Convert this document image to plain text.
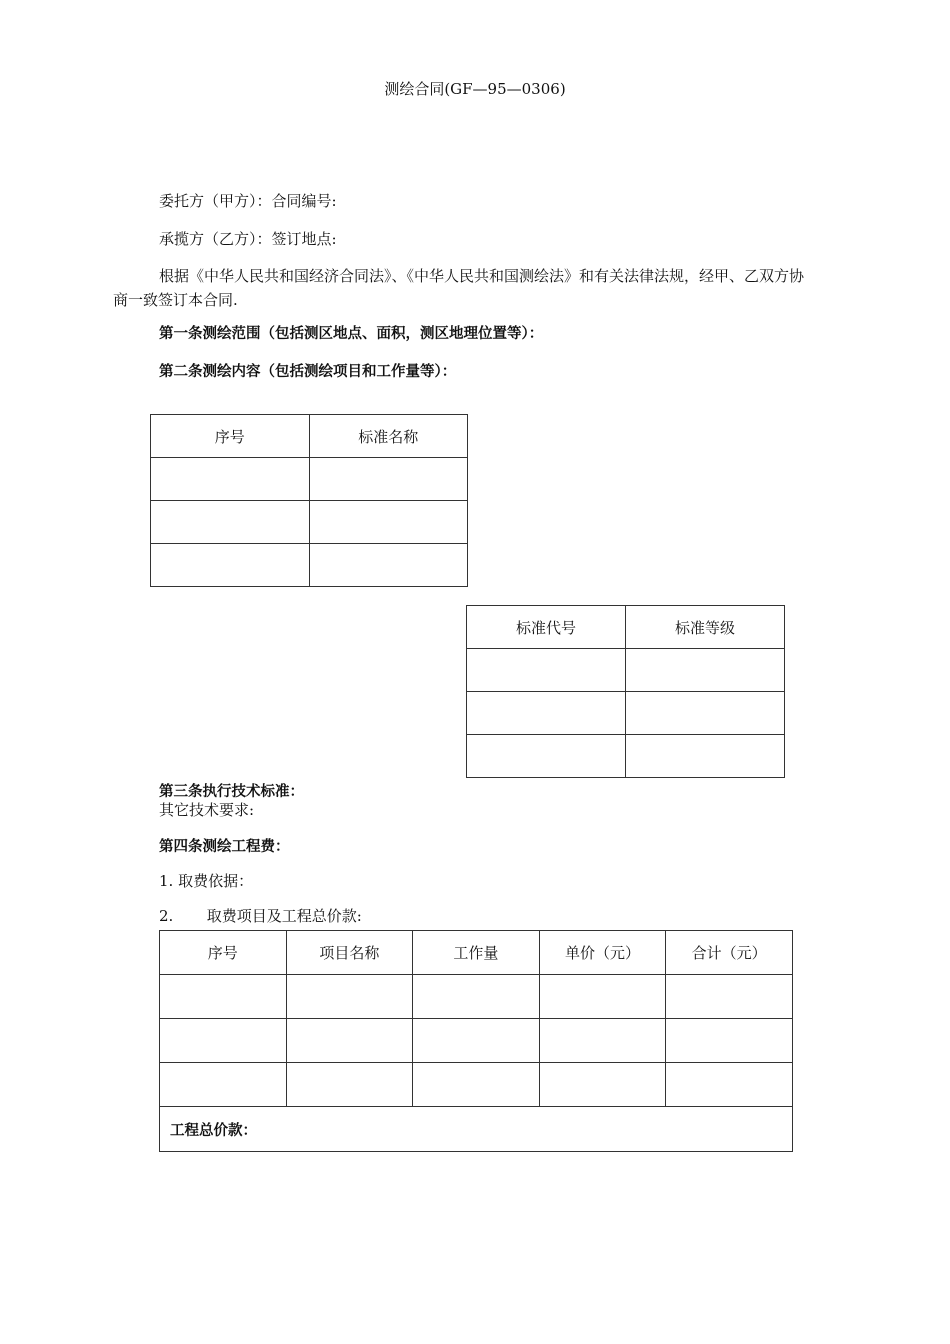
测绘合同(GF—95—0306)
委托方（甲方）：合同编号:
承揽方（乙方）：签订地点:
根据《中华人民共和国经济合同法》、《中华人民共和国测绘法》和有关法律法规，经甲、乙双方协商一致签订本合同.
第一条测绘范围（包括测区地点、面积，测区地理位置等）：
第二条测绘内容（包括测绘项目和工作量等）：
序号	标准名称

标准代号	标准等级

第三条执行技术标准：
其它技术要求:
第四条测绘工程费：
1. 取费依据：
2.       取费项目及工程总价款:
序号	项目名称	工作量	单价（元）	合计（元）

工程总价款：				
